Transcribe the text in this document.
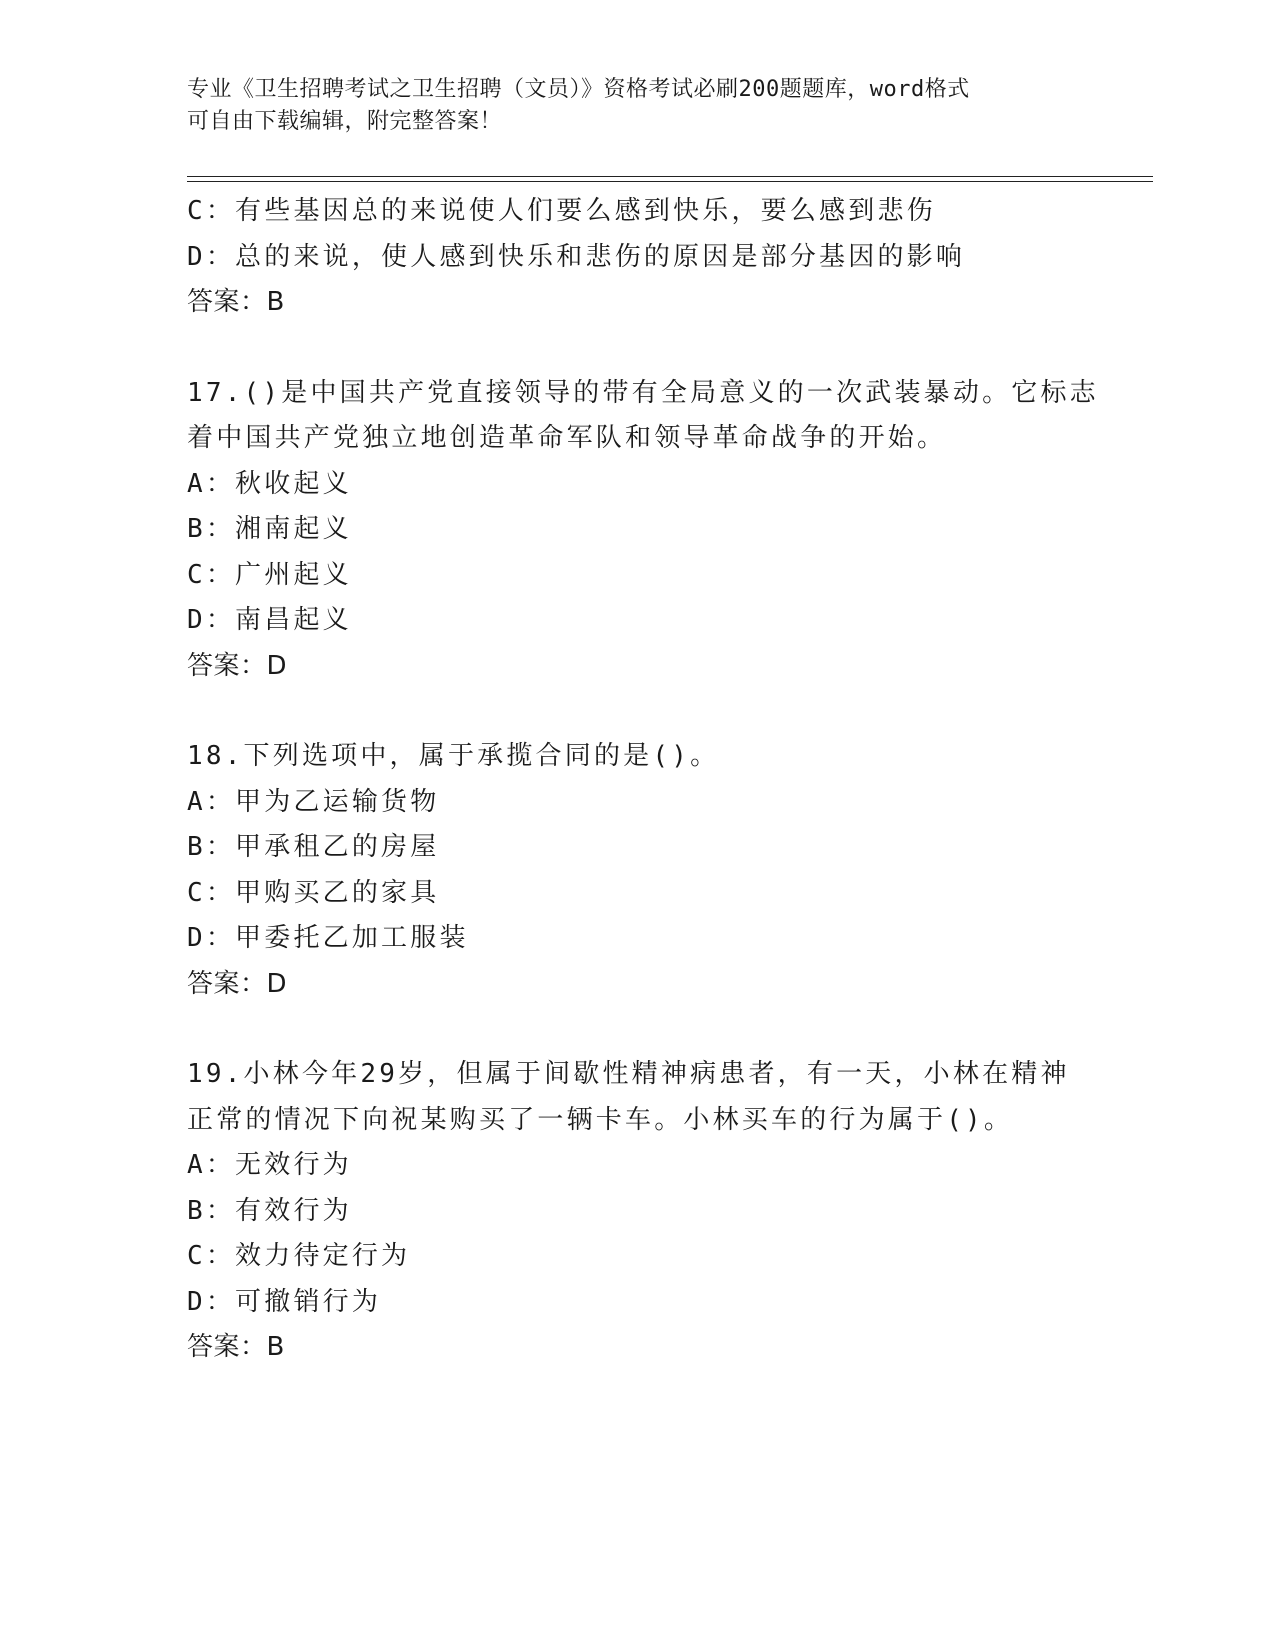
专业《卫生招聘考试之卫生招聘（文员）》资格考试必刷200题题库，word格式
可自由下载编辑，附完整答案！
C：有些基因总的来说使人们要么感到快乐，要么感到悲伤
D：总的来说，使人感到快乐和悲伤的原因是部分基因的影响
答案：B
17.()是中国共产党直接领导的带有全局意义的一次武装暴动。它标志
着中国共产党独立地创造革命军队和领导革命战争的开始。
A：秋收起义
B：湘南起义
C：广州起义
D：南昌起义
答案：D
18.下列选项中，属于承揽合同的是()。
A：甲为乙运输货物
B：甲承租乙的房屋
C：甲购买乙的家具
D：甲委托乙加工服装
答案：D
19.小林今年29岁，但属于间歇性精神病患者，有一天，小林在精神
正常的情况下向祝某购买了一辆卡车。小林买车的行为属于()。
A：无效行为
B：有效行为
C：效力待定行为
D：可撤销行为
答案：B
